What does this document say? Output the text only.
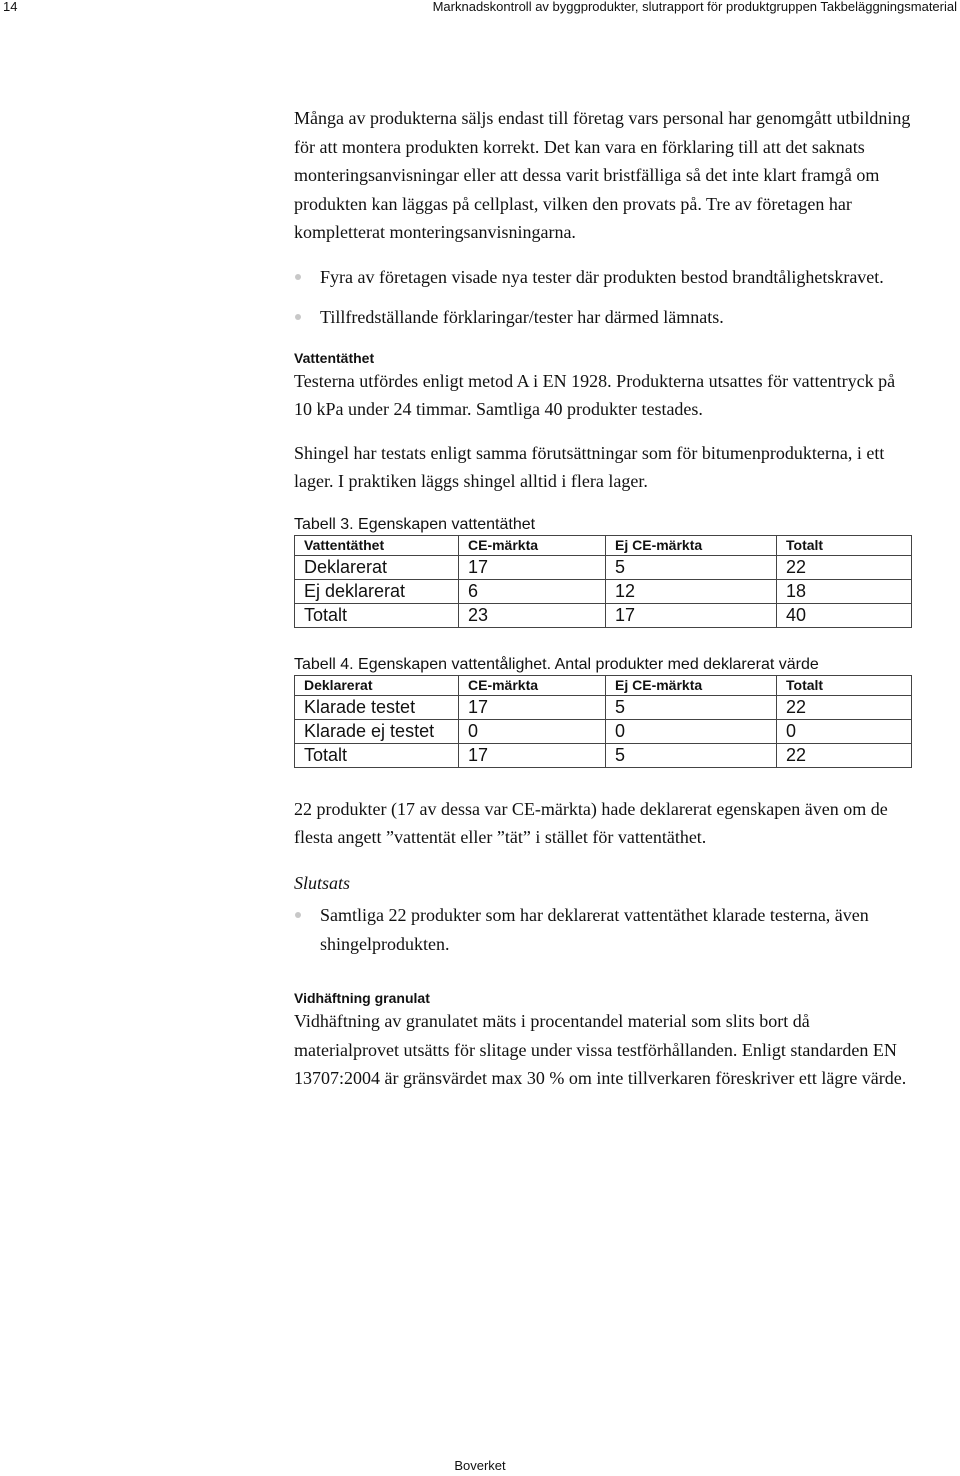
14	Marknadskontroll av byggprodukter, slutrapport för produktgruppen Takbeläggningsmaterial

Många av produkterna säljs endast till företag vars personal har genomgått utbildning för att montera produkten korrekt. Det kan vara en förklaring till att det saknats monteringsanvisningar eller att dessa varit bristfälliga så det inte klart framgå om produkten kan läggas på cellplast, vilken den provats på. Tre av företagen har kompletterat monteringsanvisningarna.

Fyra av företagen visade nya tester där produkten bestod brandtålighetskravet.
Tillfredställande förklaringar/tester har därmed lämnats.
Vattentäthet

Testerna utfördes enligt metod A i EN 1928. Produkterna utsattes för vattentryck på 10 kPa under 24 timmar. Samtliga 40 produkter testades.

Shingel har testats enligt samma förutsättningar som för bitumenprodukterna, i ett lager. I praktiken läggs shingel alltid i flera lager.

Tabell 3. Egenskapen vattentäthet
Vattentäthet	CE-märkta	Ej CE-märkta	Totalt
Deklarerat	17	5	22
Ej deklarerat	6	12	18
Totalt	23	17	40
Tabell 4. Egenskapen vattentålighet. Antal produkter med deklarerat värde
Deklarerat	CE-märkta	Ej CE-märkta	Totalt
Klarade testet	17	5	22
Klarade ej testet	0	0	0
Totalt	17	5	22

22 produkter (17 av dessa var CE-märkta) hade deklarerat egenskapen även om de flesta angett ”vattentät eller ”tät” i stället för vattentäthet.

Slutsats
Samtliga 22 produkter som har deklarerat vattentäthet klarade testerna, även shingelprodukten.
Vidhäftning granulat

Vidhäftning av granulatet mäts i procentandel material som slits bort då materialprovet utsätts för slitage under vissa testförhållanden. Enligt standarden EN 13707:2004 är gränsvärdet max 30 % om inte tillverkaren föreskriver ett lägre värde.

Boverket
